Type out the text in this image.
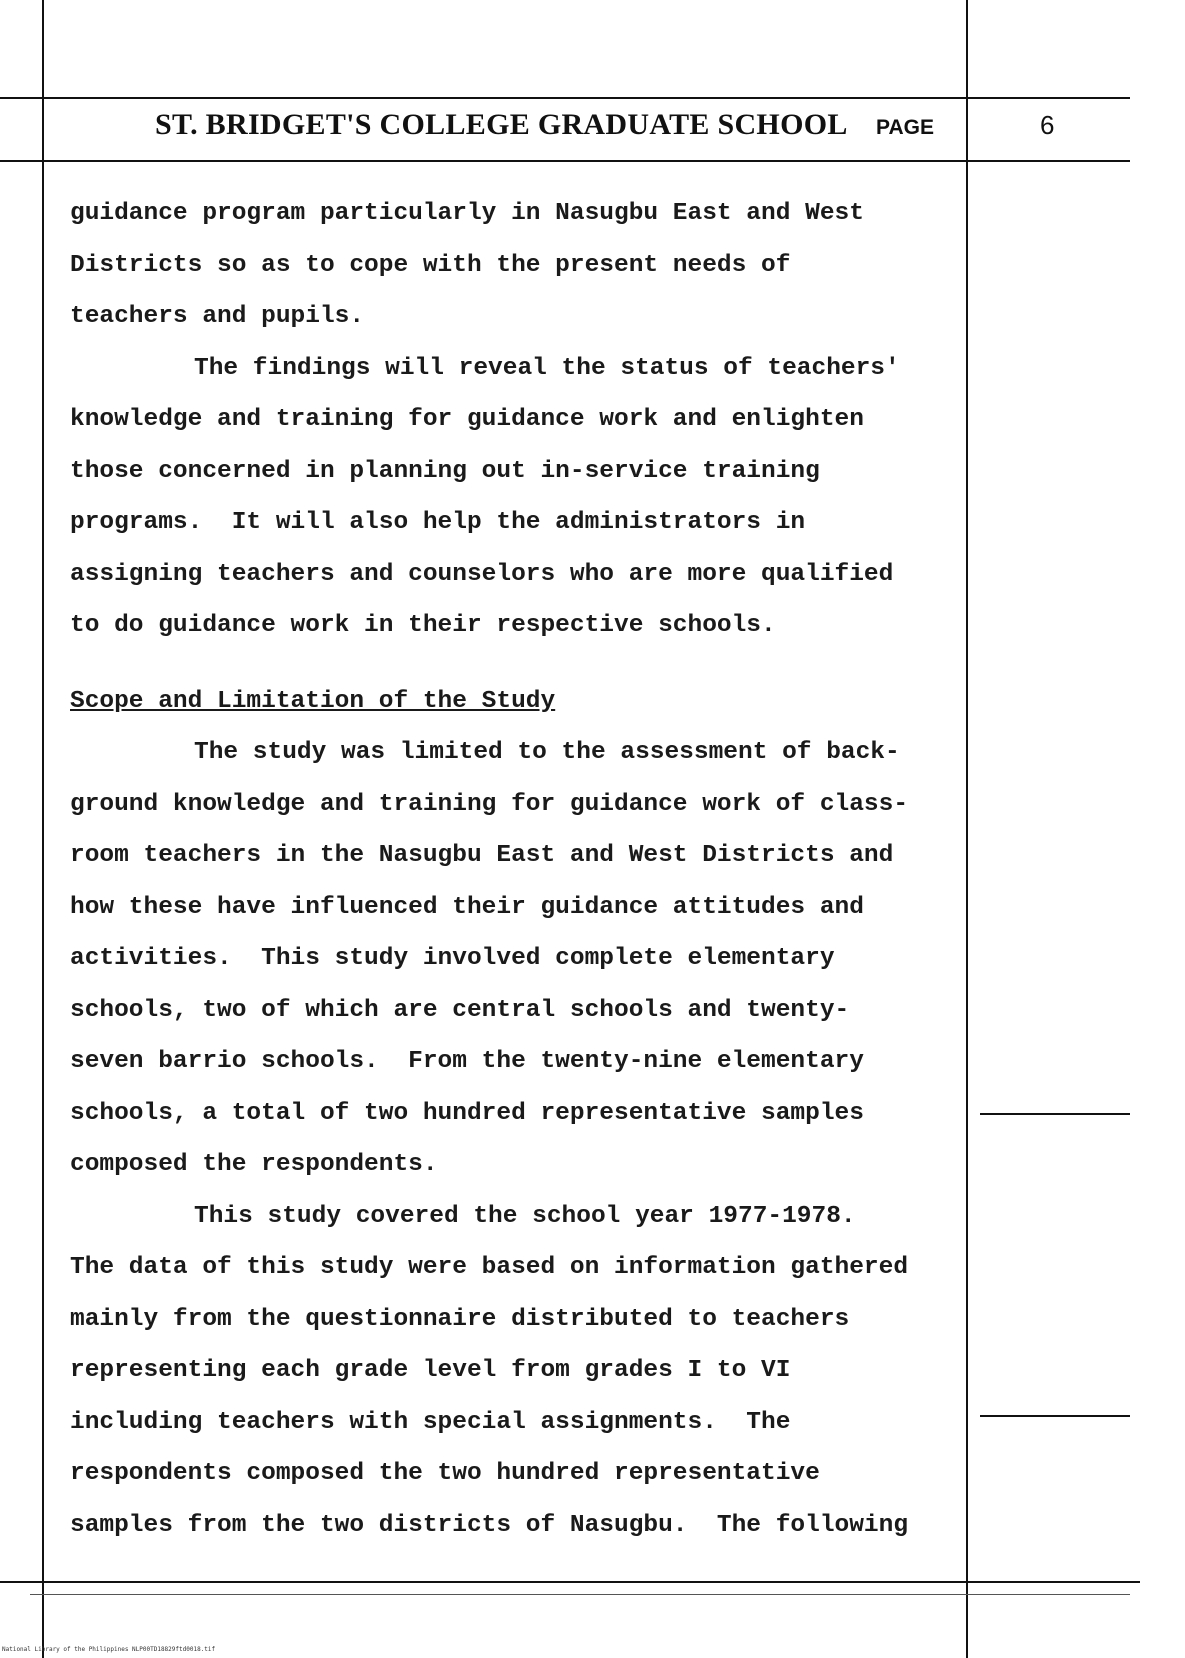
ST. BRIDGET'S COLLEGE GRADUATE SCHOOL PAGE	6
guidance program particularly in Nasugbu East and West
Districts so as to cope with the present needs of
teachers and pupils.
The findings will reveal the status of teachers'
knowledge and training for guidance work and enlighten
those concerned in planning out in-service training
programs.  It will also help the administrators in
assigning teachers and counselors who are more qualified
to do guidance work in their respective schools.
Scope and Limitation of the Study
The study was limited to the assessment of back-
ground knowledge and training for guidance work of class-
room teachers in the Nasugbu East and West Districts and
how these have influenced their guidance attitudes and
activities.  This study involved complete elementary
schools, two of which are central schools and twenty-
seven barrio schools.  From the twenty-nine elementary
schools, a total of two hundred representative samples
composed the respondents.
This study covered the school year 1977-1978.
The data of this study were based on information gathered
mainly from the questionnaire distributed to teachers
representing each grade level from grades I to VI
including teachers with special assignments.  The
respondents composed the two hundred representative
samples from the two districts of Nasugbu.  The following
National Library of the Philippines NLP00TD18829ftd0018.tif
